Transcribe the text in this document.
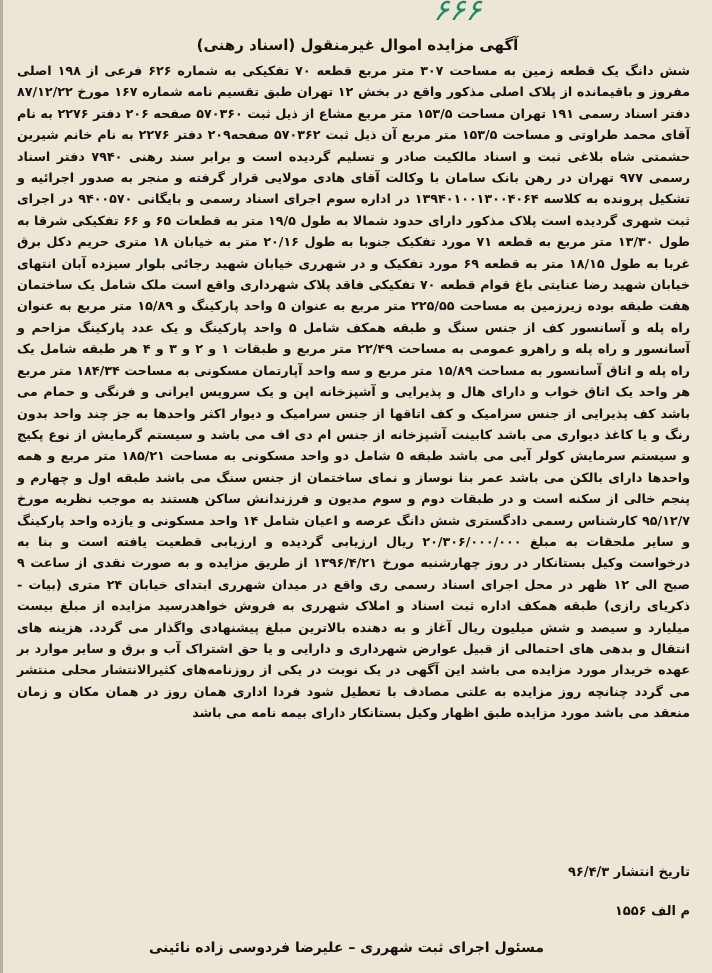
۶۶۶
آگهی مزایده اموال غیرمنقول (اسناد رهنی)
شش دانگ یک قطعه زمین به مساحت ۳۰۷ متر مربع قطعه ۷۰ تفکیکی به شماره ۶۲۶ فرعی از ۱۹۸ اصلی مفروز و باقیمانده از پلاک اصلی مذکور واقع در بخش ۱۲ تهران طبق تقسیم نامه شماره ۱۶۷ مورخ ۸۷/۱۲/۲۲ دفتر اسناد رسمی ۱۹۱ تهران مساحت ۱۵۳/۵ متر مربع مشاع از ذیل ثبت ۵۷۰۳۶۰ صفحه ۲۰۶ دفتر ۲۲۷۶ به نام آقای محمد طراوتی و مساحت ۱۵۳/۵ متر مربع آن ذیل ثبت ۵۷۰۳۶۲ صفحه۲۰۹ دفتر ۲۲۷۶ به نام خانم شیرین حشمتی شاه بلاغی ثبت و اسناد مالکیت صادر و تسلیم گردیده است و برابر سند رهنی ۷۹۴۰ دفتر اسناد رسمی ۹۷۷ تهران در رهن بانک سامان با وکالت آقای هادی مولایی قرار گرفته و منجر به صدور اجرائیه و تشکیل پرونده به کلاسه ۱۳۹۴۰۱۰۰۱۳۰۰۴۰۶۴ در اداره سوم اجرای اسناد رسمی و بایگانی ۹۴۰۰۵۷۰ در اجرای ثبت شهری گردیده است پلاک مذکور دارای حدود شمالا به طول ۱۹/۵ متر به قطعات ۶۵ و ۶۶ تفکیکی شرقا به طول ۱۳/۳۰ متر مربع به قطعه ۷۱ مورد تفکیک جنوبا به طول ۲۰/۱۶ متر به خیابان ۱۸ متری حریم دکل برق غربا به طول ۱۸/۱۵ متر به قطعه ۶۹ مورد تفکیک و در شهرری خیابان شهید رجائی بلوار سیزده آبان انتهای خیابان شهید رضا عنایتی باغ قوام قطعه ۷۰ تفکیکی فاقد پلاک شهرداری واقع است ملک شامل یک ساختمان هفت طبقه بوده زیرزمین به مساحت ۲۲۵/۵۵ متر مربع به عنوان ۵ واحد پارکینگ و ۱۵/۸۹ متر مربع به عنوان راه پله و آسانسور کف از جنس سنگ و طبقه همکف شامل ۵ واحد پارکینگ و یک عدد پارکینگ مزاحم و آسانسور و راه پله و راهرو عمومی به مساحت ۲۲/۴۹ متر مربع و طبقات ۱ و ۲ و ۳ و ۴ هر طبقه شامل یک راه پله و اتاق آسانسور به مساحت ۱۵/۸۹ متر مربع و سه واحد آپارتمان مسکونی به مساحت ۱۸۴/۳۴ متر مربع هر واحد یک اتاق خواب و دارای هال و پذیرایی و آشپزخانه اپن و یک سرویس ایرانی و فرنگی و حمام می باشد کف پذیرایی از جنس سرامیک و کف اتاقها از جنس سرامیک و دیوار اکثر واحدها به جز چند واحد بدون رنگ و یا کاغذ دیواری می باشد کابینت آشپزخانه از جنس ام دی اف می باشد و سیستم گرمایش از نوع پکیج و سیستم سرمایش کولر آبی می باشد طبقه ۵ شامل دو واحد مسکونی به مساحت ۱۸۵/۲۱ متر مربع و همه واحدها دارای بالکن می باشد عمر بنا نوساز و نمای ساختمان از جنس سنگ می باشد طبقه اول و چهارم و پنجم خالی از سکنه است و در طبقات دوم و سوم مدیون و فرزندانش ساکن هستند به موجب نظریه مورخ ۹۵/۱۲/۷ کارشناس رسمی دادگستری شش دانگ عرصه و اعیان شامل ۱۴ واحد مسکونی و یازده واحد پارکینگ و سایر ملحقات به مبلغ ۲۰/۳۰۶/۰۰۰/۰۰۰ ریال ارزیابی گردیده و ارزیابی قطعیت یافته است و بنا به درخواست وکیل بستانکار در روز چهارشنبه مورخ ۱۳۹۶/۴/۲۱ از طریق مزایده و به صورت نقدی از ساعت ۹ صبح الی ۱۲ ظهر در محل اجرای اسناد رسمی ری واقع در میدان شهرری ابتدای خیابان ۲۴ متری (بیات - ذکریای رازی) طبقه همکف اداره ثبت اسناد و املاک شهرری به فروش خواهدرسید مزایده از مبلغ بیست میلیارد و سیصد و شش میلیون ریال آغاز و به دهنده بالاترین مبلغ پیشنهادی واگذار می گردد. هزینه های انتقال و بدهی های احتمالی از قبیل عوارض شهرداری و دارایی و یا حق اشتراک آب و برق و سایر موارد بر عهده خریدار مورد مزایده می باشد این آگهی در یک نوبت در یکی از روزنامه‌های کثیرالانتشار محلی منتشر می گردد چنانچه روز مزایده به علتی مصادف با تعطیل شود فردا اداری همان روز در همان مکان و زمان منعقد می باشد مورد مزایده طبق اظهار وکیل بستانکار دارای بیمه نامه می باشد
تاریخ انتشار ۹۶/۴/۳
م الف ۱۵۵۶
مسئول اجرای ثبت شهرری – علیرضا فردوسی زاده نائینی
